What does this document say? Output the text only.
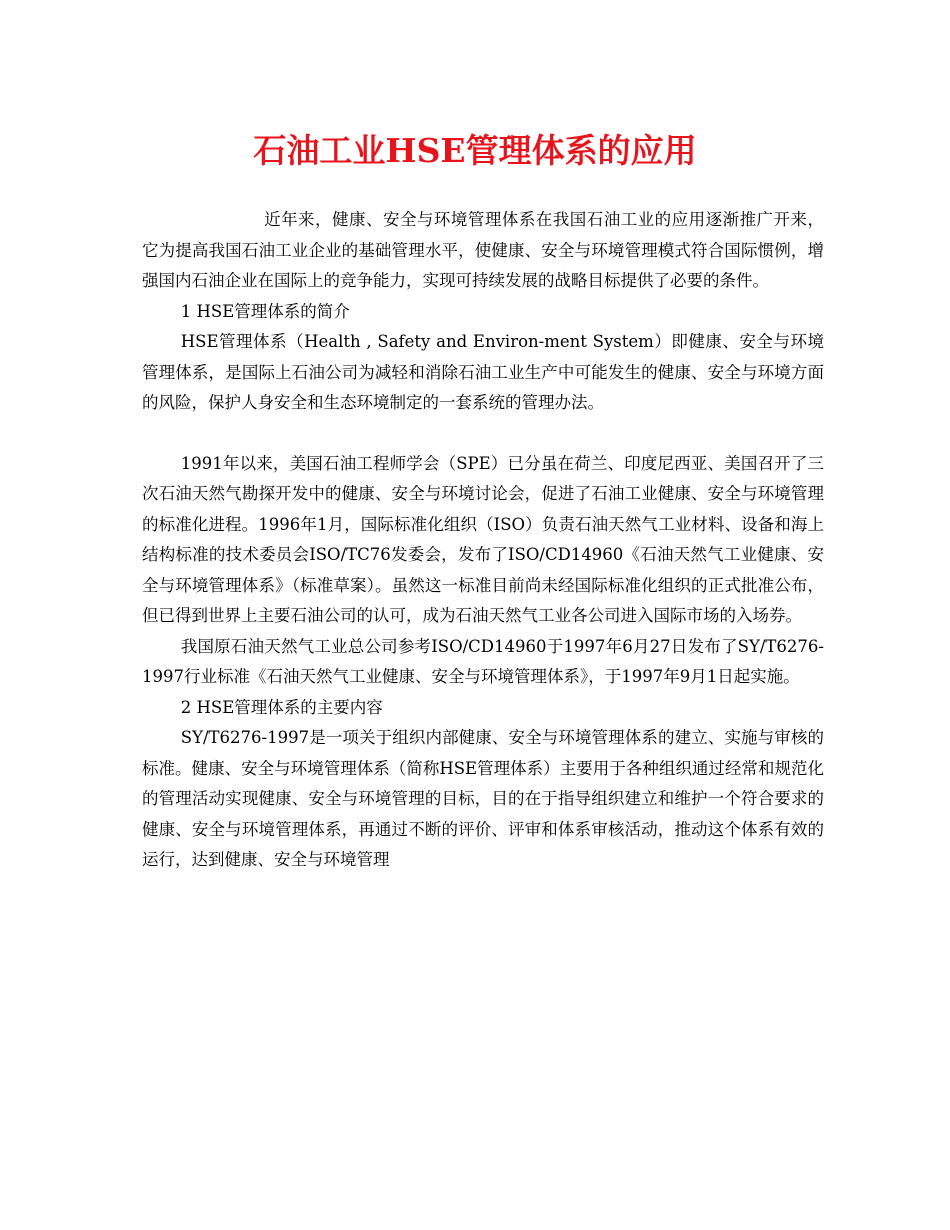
石油工业HSE管理体系的应用

近年来，健康、安全与环境管理体系在我国石油工业的应用逐渐推广开来，它为提高我国石油工业企业的基础管理水平，使健康、安全与环境管理模式符合国际惯例，增强国内石油企业在国际上的竞争能力，实现可持续发展的战略目标提供了必要的条件。

1 HSE管理体系的简介

HSE管理体系（Health , Safety and Environ-ment System）即健康、安全与环境管理体系，是国际上石油公司为减轻和消除石油工业生产中可能发生的健康、安全与环境方面的风险，保护人身安全和生态环境制定的一套系统的管理办法。

1991年以来，美国石油工程师学会（SPE）已分虽在荷兰、印度尼西亚、美国召开了三次石油天然气勘探开发中的健康、安全与环境讨论会，促进了石油工业健康、安全与环境管理的标准化进程。1996年1月，国际标准化组织（ISO）负责石油天然气工业材料、设备和海上结构标准的技术委员会ISO/TC76发委会，发布了ISO/CD14960《石油天然气工业健康、安全与环境管理体系》（标准草案）。虽然这一标准目前尚未经国际标准化组织的正式批准公布，但已得到世界上主要石油公司的认可，成为石油天然气工业各公司进入国际市场的入场券。

我国原石油天然气工业总公司参考ISO/CD14960于1997年6月27日发布了SY/T6276-1997行业标准《石油天然气工业健康、安全与环境管理体系》，于1997年9月1日起实施。

2 HSE管理体系的主要内容

SY/T6276-1997是一项关于组织内部健康、安全与环境管理体系的建立、实施与审核的标准。健康、安全与环境管理体系（简称HSE管理体系）主要用于各种组织通过经常和规范化的管理活动实现健康、安全与环境管理的目标，目的在于指导组织建立和维护一个符合要求的健康、安全与环境管理体系，再通过不断的评价、评审和体系审核活动，推动这个体系有效的运行，达到健康、安全与环境管理
